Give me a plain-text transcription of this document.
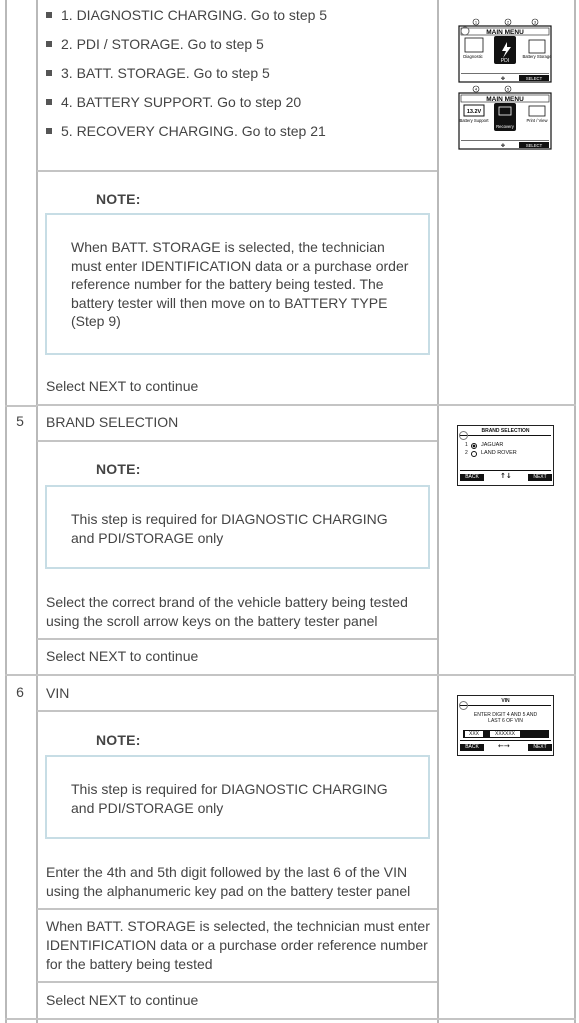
1. DIAGNOSTIC CHARGING. Go to step 5
2. PDI / STORAGE. Go to step 5
3. BATT. STORAGE. Go to step 5
4. BATTERY SUPPORT. Go to step 20
5. RECOVERY CHARGING. Go to step 21
NOTE:
When BATT. STORAGE is selected, the technician must enter IDENTIFICATION data or a purchase order reference number for the battery being tested. The battery tester will then move on to BATTERY TYPE (Step 9)
Select NEXT to continue
1	2	3
4	5
MAIN MENU
Diagnostic
PDI
Battery Storage
SELECT
✥
MAIN MENU
13.2V
Battery Support
Recovery
Print / View
SELECT
✥
5	BRAND SELECTION
NOTE:
This step is required for DIAGNOSTIC CHARGING and PDI/STORAGE only
Select the correct brand of the vehicle battery being tested using the scroll arrow keys on the battery tester panel
Select NEXT to continue
BRAND SELECTION
1 JAGUAR
2 LAND ROVER
BACK	↑↓	NEXT
6	VIN
NOTE:
This step is required for DIAGNOSTIC CHARGING and PDI/STORAGE only
Enter the 4th and 5th digit followed by the last 6 of the VIN using the alphanumeric key pad on the battery tester panel
When BATT. STORAGE is selected, the technician must enter IDENTIFICATION data or a purchase order reference number for the battery being tested
Select NEXT to continue
VIN
ENTER DIGIT 4 AND 5 AND
LAST 6 OF VIN
XXX	XXXXXX
BACK	←→	NEXT
